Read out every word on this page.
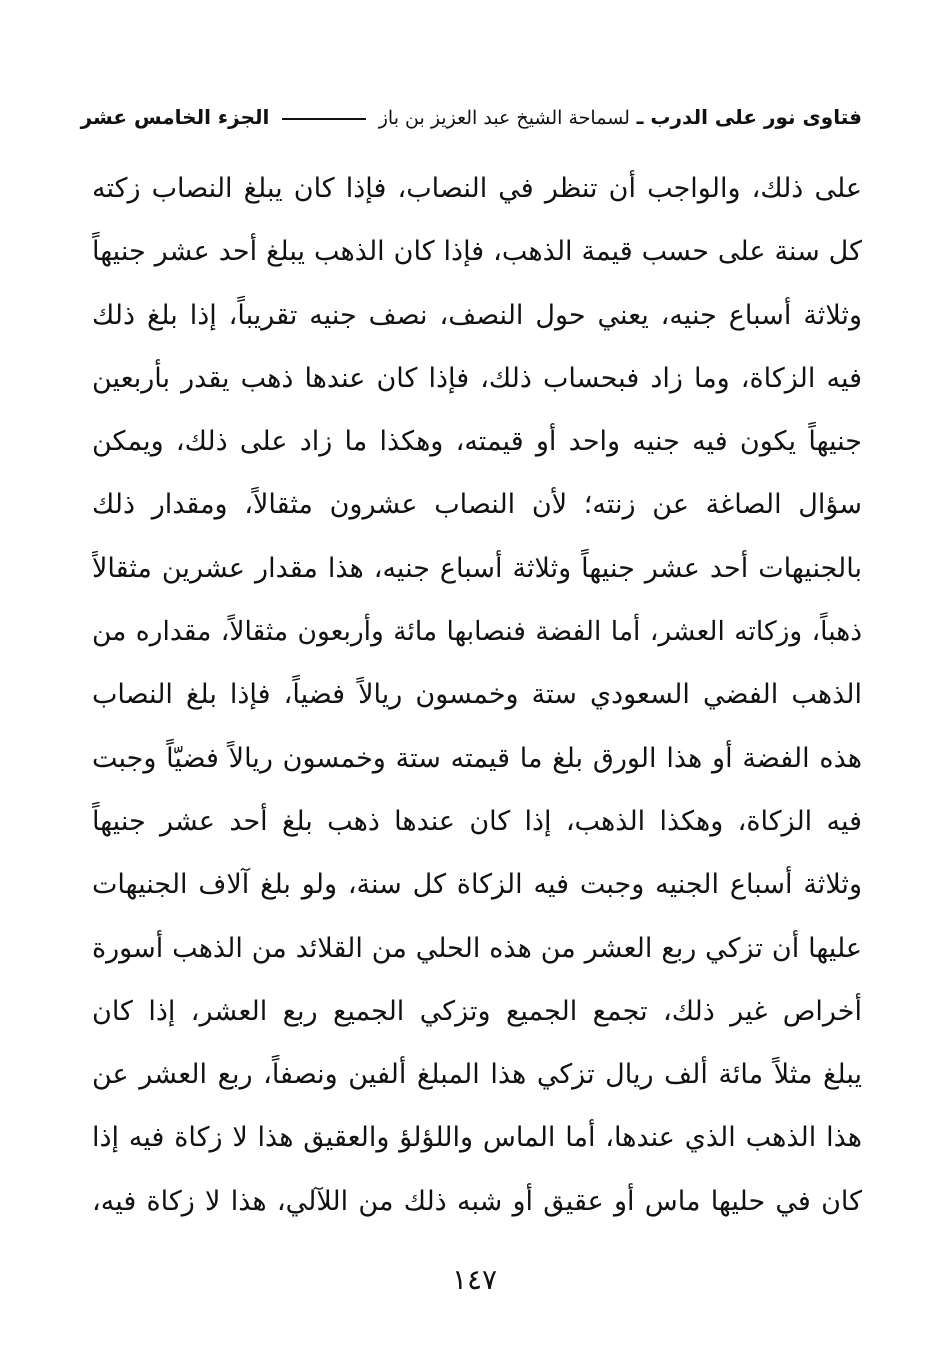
فتاوى نور على الدرب ـ لسماحة الشيخ عبد العزيز بن باز  الجزء الخامس عشر
على ذلك، والواجب أن تنظر في النصاب، فإذا كان يبلغ النصاب زكته
كل سنة على حسب قيمة الذهب، فإذا كان الذهب يبلغ أحد عشر جنيهاً
وثلاثة أسباع جنيه، يعني حول النصف، نصف جنيه تقريباً، إذا بلغ ذلك
فيه الزكاة، وما زاد فبحساب ذلك، فإذا كان عندها ذهب يقدر بأربعين
جنيهاً يكون فيه جنيه واحد أو قيمته، وهكذا ما زاد على ذلك، ويمكن
سؤال الصاغة عن زنته؛ لأن النصاب عشرون مثقالاً، ومقدار ذلك
بالجنيهات أحد عشر جنيهاً وثلاثة أسباع جنيه، هذا مقدار عشرين مثقالاً
ذهباً، وزكاته العشر، أما الفضة فنصابها مائة وأربعون مثقالاً، مقداره من
الذهب الفضي السعودي ستة وخمسون ريالاً فضياً، فإذا بلغ النصاب
هذه الفضة أو هذا الورق بلغ ما قيمته ستة وخمسون ريالاً فضيّاً وجبت
فيه الزكاة، وهكذا الذهب، إذا كان عندها ذهب بلغ أحد عشر جنيهاً
وثلاثة أسباع الجنيه وجبت فيه الزكاة كل سنة، ولو بلغ آلاف الجنيهات
عليها أن تزكي ربع العشر من هذه الحلي من القلائد من الذهب أسورة
أخراص غير ذلك، تجمع الجميع وتزكي الجميع ربع العشر، إذا كان
يبلغ مثلاً مائة ألف ريال تزكي هذا المبلغ ألفين ونصفاً، ربع العشر عن
هذا الذهب الذي عندها، أما الماس واللؤلؤ والعقيق هذا لا زكاة فيه إذا
كان في حليها ماس أو عقيق أو شبه ذلك من اللآلي، هذا لا زكاة فيه،
١٤٧
